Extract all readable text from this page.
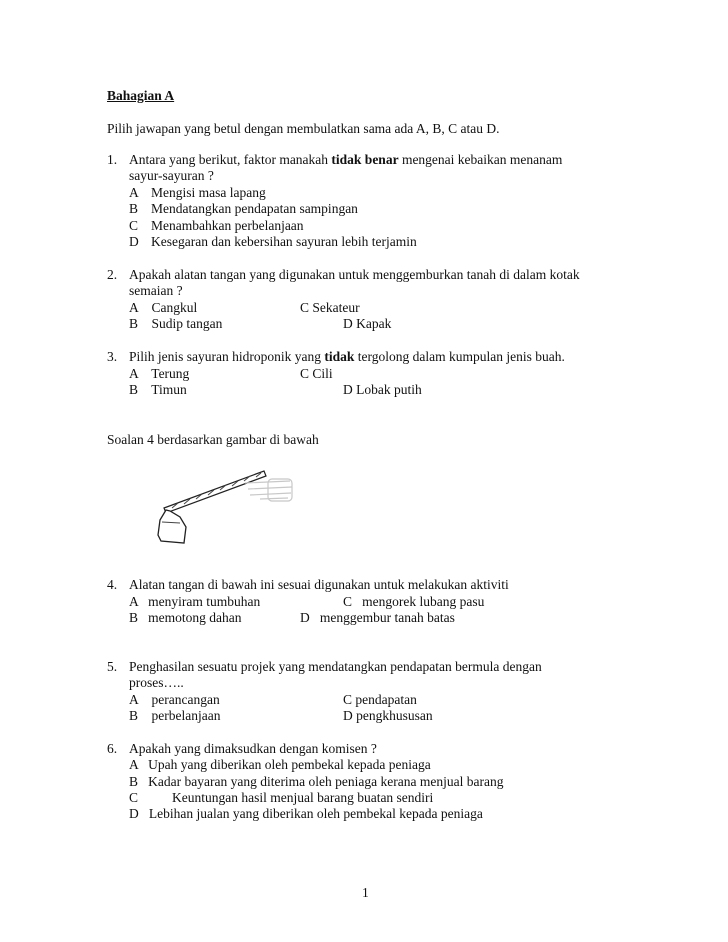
Bahagian A
Pilih jawapan yang betul dengan membulatkan sama ada A, B, C atau D.
1. Antara yang berikut, faktor manakah tidak benar mengenai kebaikan menanam
sayur-sayuran ?
A Mengisi masa lapang
B Mendatangkan pendapatan sampingan
C Menambahkan perbelanjaan
D Kesegaran dan kebersihan sayuran lebih terjamin
2. Apakah alatan tangan yang digunakan untuk menggemburkan tanah di dalam kotak
semaian ?
A    Cangkul	C Sekateur
B    Sudip tangan	D Kapak
3. Pilih jenis sayuran hidroponik yang tidak tergolong dalam kumpulan jenis buah.
A    Terung	C Cili
B    Timun	D Lobak putih
Soalan 4 berdasarkan gambar di bawah
4. Alatan tangan di bawah ini sesuai digunakan untuk melakukan aktiviti
A   menyiram tumbuhan	C   mengorek lubang pasu
B   memotong dahan	D   menggembur tanah batas
5. Penghasilan sesuatu projek yang mendatangkan pendapatan bermula dengan
proses…..
A    perancangan	C pendapatan
B    perbelanjaan	D pengkhususan
6. Apakah yang dimaksudkan dengan komisen ?
A   Upah yang diberikan oleh pembekal kepada peniaga
B   Kadar bayaran yang diterima oleh peniaga kerana menjual barang
C	Keuntungan hasil menjual barang buatan sendiri
D   Lebihan jualan yang diberikan oleh pembekal kepada peniaga
1
